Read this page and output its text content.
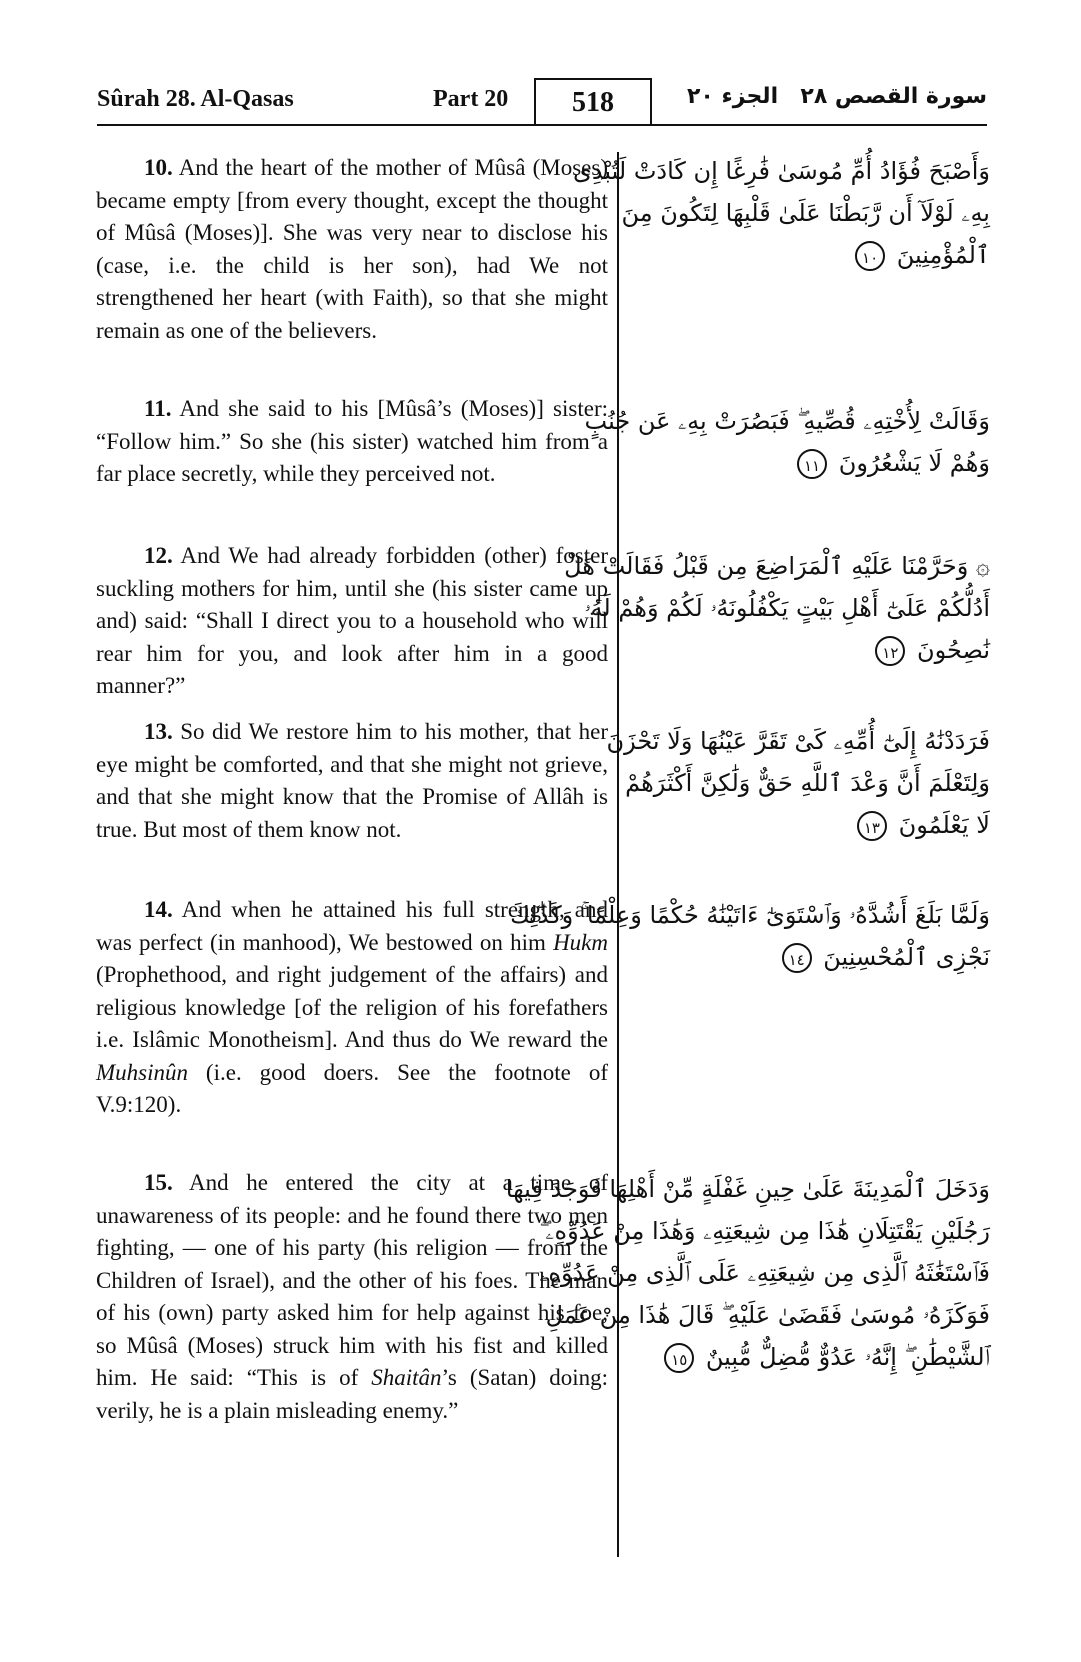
Sûrah 28. Al-Qasas	Part 20	518	الجزء ٢٠ سورة القصص ٢٨
10. And the heart of the mother of Mûsâ (Moses) became empty [from every thought, except the thought of Mûsâ (Moses)]. She was very near to disclose his (case, i.e. the child is her son), had We not strengthened her heart (with Faith), so that she might remain as one of the believers.

وَأَصْبَحَ فُؤَادُ أُمِّ مُوسَىٰ فَٰرِغًا إِن كَادَتْ لَتُبْدِى

بِهِۦ لَوْلَآ أَن رَّبَطْنَا عَلَىٰ قَلْبِهَا لِتَكُونَ مِنَ

ٱلْمُؤْمِنِينَ ١٠

11. And she said to his [Mûsâ’s (Moses)] sister: “Follow him.” So she (his sister) watched him from a far place secretly, while they perceived not.

وَقَالَتْ لِأُخْتِهِۦ قُصِّيهِ ۖ فَبَصُرَتْ بِهِۦ عَن جُنُبٍ

وَهُمْ لَا يَشْعُرُونَ ١١

12. And We had already forbidden (other) foster suckling mothers for him, until she (his sister came up and) said: “Shall I direct you to a household who will rear him for you, and look after him in a good manner?”

۞ وَحَرَّمْنَا عَلَيْهِ ٱلْمَرَاضِعَ مِن قَبْلُ فَقَالَتْ هَلْ

أَدُلُّكُمْ عَلَىٰٓ أَهْلِ بَيْتٍ يَكْفُلُونَهُۥ لَكُمْ وَهُمْ لَهُۥ

نَٰصِحُونَ ١٢

13. So did We restore him to his mother, that her eye might be comforted, and that she might not grieve, and that she might know that the Promise of Allâh is true. But most of them know not.

فَرَدَدْنَٰهُ إِلَىٰٓ أُمِّهِۦ كَىْ تَقَرَّ عَيْنُهَا وَلَا تَحْزَنَ

وَلِتَعْلَمَ أَنَّ وَعْدَ ٱللَّهِ حَقٌّ وَلَٰكِنَّ أَكْثَرَهُمْ

لَا يَعْلَمُونَ ١٣

14. And when he attained his full strength, and was perfect (in manhood), We bestowed on him Hukm (Prophethood, and right judgement of the affairs) and religious knowledge [of the religion of his forefathers i.e. Islâmic Monotheism]. And thus do We reward the Muhsinûn (i.e. good doers. See the footnote of V.9:120).

وَلَمَّا بَلَغَ أَشُدَّهُۥ وَٱسْتَوَىٰٓ ءَاتَيْنَٰهُ حُكْمًا وَعِلْمًا ۚ وَكَذَٰلِكَ

نَجْزِى ٱلْمُحْسِنِينَ ١٤

15. And he entered the city at a time of unawareness of its people: and he found there two men fighting, — one of his party (his religion — from the Children of Israel), and the other of his foes. The man of his (own) party asked him for help against his foe, so Mûsâ (Moses) struck him with his fist and killed him. He said: “This is of Shaitân’s (Satan) doing: verily, he is a plain misleading enemy.”

وَدَخَلَ ٱلْمَدِينَةَ عَلَىٰ حِينِ غَفْلَةٍ مِّنْ أَهْلِهَا فَوَجَدَ فِيهَا

رَجُلَيْنِ يَقْتَتِلَانِ هَٰذَا مِن شِيعَتِهِۦ وَهَٰذَا مِنْ عَدُوِّهِۦ ۖ

فَٱسْتَغَٰثَهُ ٱلَّذِى مِن شِيعَتِهِۦ عَلَى ٱلَّذِى مِنْ عَدُوِّهِۦ

فَوَكَزَهُۥ مُوسَىٰ فَقَضَىٰ عَلَيْهِ ۖ قَالَ هَٰذَا مِنْ عَمَلِ

ٱلشَّيْطَٰنِ ۖ إِنَّهُۥ عَدُوٌّ مُّضِلٌّ مُّبِينٌ ١٥
